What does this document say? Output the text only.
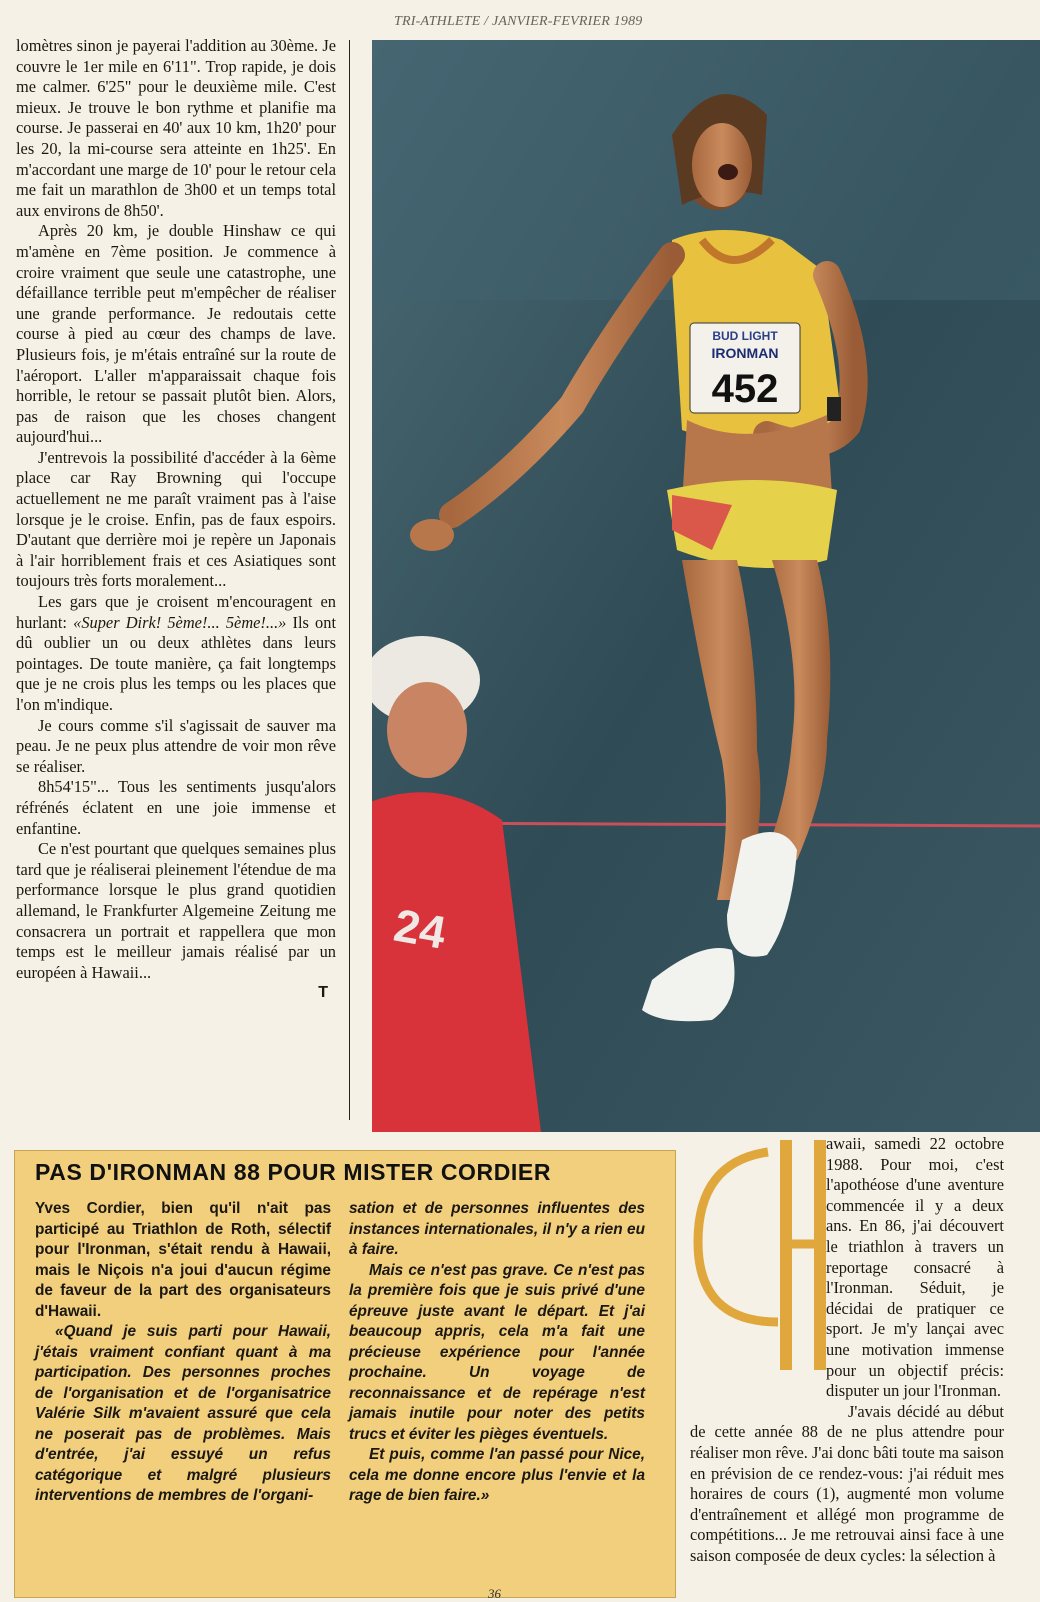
TRI-ATHLETE / JANVIER-FEVRIER 1989

lomètres sinon je payerai l'addition au 30ème. Je couvre le 1er mile en 6'11". Trop rapide, je dois me calmer. 6'25" pour le deuxième mile. C'est mieux. Je trouve le bon rythme et planifie ma course. Je passerai en 40' aux 10 km, 1h20' pour les 20, la mi-course sera atteinte en 1h25'. En m'accordant une marge de 10' pour le retour cela me fait un marathlon de 3h00 et un temps total aux environs de 8h50'.

Après 20 km, je double Hinshaw ce qui m'amène en 7ème position. Je commence à croire vraiment que seule une catastrophe, une défaillance terrible peut m'empêcher de réaliser une grande performance. Je redoutais cette course à pied au cœur des champs de lave. Plusieurs fois, je m'étais entraîné sur la route de l'aéroport. L'aller m'apparaissait chaque fois horrible, le retour se passait plutôt bien. Alors, pas de raison que les choses changent aujourd'hui...

J'entrevois la possibilité d'accéder à la 6ème place car Ray Browning qui l'occupe actuellement ne me paraît vraiment pas à l'aise lorsque je le croise. Enfin, pas de faux espoirs. D'autant que derrière moi je repère un Japonais à l'air horriblement frais et ces Asiatiques sont toujours très forts moralement...

Les gars que je croisent m'encouragent en hurlant: «Super Dirk! 5ème!... 5ème!...» Ils ont dû oublier un ou deux athlètes dans leurs pointages. De toute manière, ça fait longtemps que je ne crois plus les temps ou les places que l'on m'indique.

Je cours comme s'il s'agissait de sauver ma peau. Je ne peux plus attendre de voir mon rêve se réaliser.

8h54'15"... Tous les sentiments jusqu'alors réfrénés éclatent en une joie immense et enfantine.

Ce n'est pourtant que quelques semaines plus tard que je réaliserai pleinement l'étendue de ma performance lorsque le plus grand quotidien allemand, le Frankfurter Algemeine Zeitung me consacrera un portrait et rappellera que mon temps est le meilleur jamais réalisé par un européen à Hawaii...

T

BUD LIGHT
IRONMAN
452
24
PAS D'IRONMAN 88 POUR MISTER CORDIER

Yves Cordier, bien qu'il n'ait pas participé au Triathlon de Roth, sélectif pour l'Ironman, s'était rendu à Hawaii, mais le Niçois n'a joui d'aucun régime de faveur de la part des organisateurs d'Hawaii.

«Quand je suis parti pour Hawaii, j'étais vraiment confiant quant à ma participation. Des personnes proches de l'organisation et de l'organisatrice Valérie Silk m'avaient assuré que cela ne poserait pas de problèmes. Mais d'entrée, j'ai essuyé un refus catégorique et malgré plusieurs interventions de membres de l'organi-

sation et de personnes influentes des instances internationales, il n'y a rien eu à faire.

Mais ce n'est pas grave. Ce n'est pas la première fois que je suis privé d'une épreuve juste avant le départ. Et j'ai beaucoup appris, cela m'a fait une précieuse expérience pour l'année prochaine. Un voyage de reconnaissance et de repérage n'est jamais inutile pour noter des petits trucs et éviter les pièges éventuels.

Et puis, comme l'an passé pour Nice, cela me donne encore plus l'envie et la rage de bien faire.»

awaii, samedi 22 octobre 1988. Pour moi, c'est l'apothéose d'une aventure commencée il y a deux ans. En 86, j'ai découvert le triathlon à travers un reportage consacré à l'Ironman. Séduit, je décidai de pratiquer ce sport. Je m'y lançai avec une motivation immense pour un objectif précis: disputer un jour l'Ironman.

J'avais décidé au début de cette année 88 de ne plus attendre pour réaliser mon rêve. J'ai donc bâti toute ma saison en prévision de ce rendez-vous: j'ai réduit mes horaires de cours (1), augmenté mon volume d'entraînement et allégé mon programme de compétitions... Je me retrouvai ainsi face à une saison composée de deux cycles: la sélection à

H
36
